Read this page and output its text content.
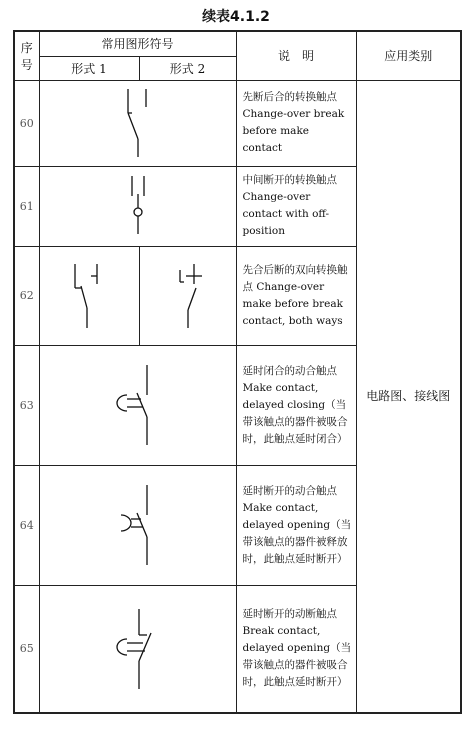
续表4.1.2
序
号	常用图形符号		说　明	应用类别
	形式 1	形式 2		
60			先断后合的转换触点 Change-over break before make contact	电路图、接线图
61			中间断开的转换触点 Change-over contact with off-position	
62			先合后断的双向转换触点 Change-over make before break contact, both ways	
63			延时闭合的动合触点 Make contact, delayed closing（当带该触点的器件被吸合时，此触点延时闭合）	
64			延时断开的动合触点 Make contact, delayed opening（当带该触点的器件被释放时，此触点延时断开）	
65			延时断开的动断触点 Break contact, delayed opening（当带该触点的器件被吸合时，此触点延时断开）	
